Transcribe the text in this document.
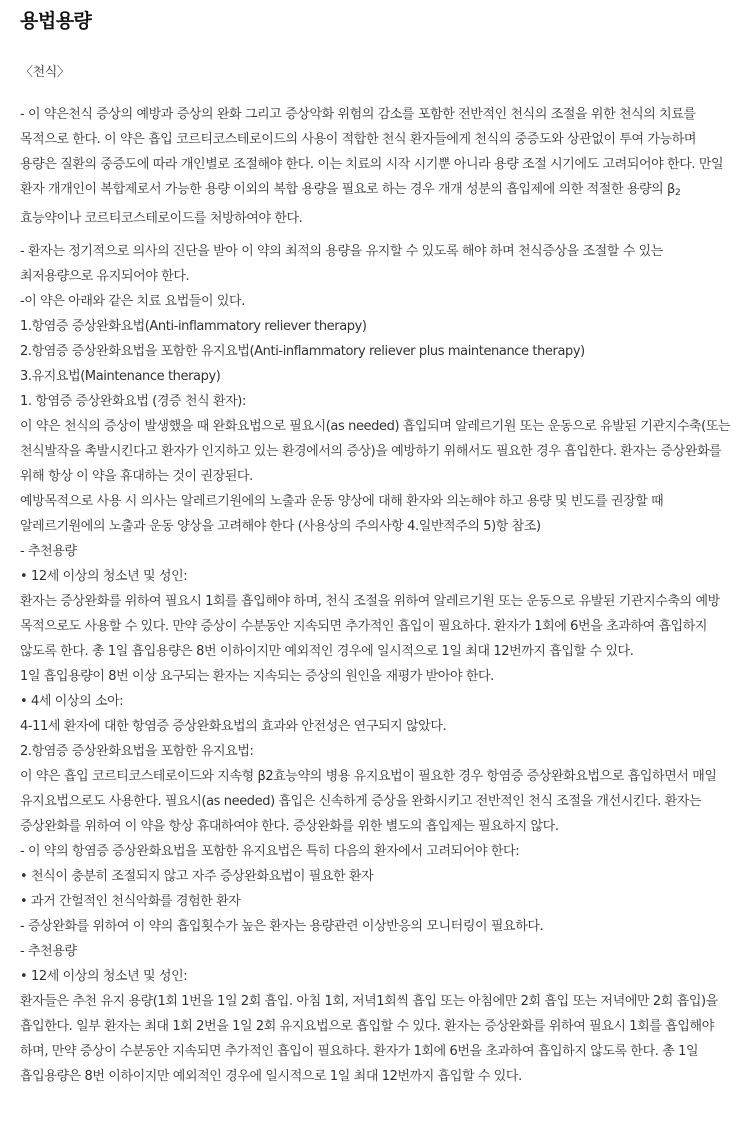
용법용량
〈천식〉

- 이 약은천식 증상의 예방과 증상의 완화 그리고 증상악화 위험의 감소를 포함한 전반적인 천식의 조절을 위한 천식의 치료를 목적으로 한다. 이 약은 흡입 코르티코스테로이드의 사용이 적합한 천식 환자들에게 천식의 중증도와 상관없이 투여 가능하며 용량은 질환의 중증도에 따라 개인별로 조절해야 한다. 이는 치료의 시작 시기뿐 아니라 용량 조절 시기에도 고려되어야 한다. 만일 환자 개개인이 복합제로서 가능한 용량 이외의 복합 용량을 필요로 하는 경우 개개 성분의 흡입제에 의한 적절한 용량의 $\beta_2$ 효능약이나 코르티코스테로이드를 처방하여야 한다.

- 환자는 정기적으로 의사의 진단을 받아 이 약의 최적의 용량을 유지할 수 있도록 해야 하며 천식증상을 조절할 수 있는 최저용량으로 유지되어야 한다.

-이 약은 아래와 같은 치료 요법들이 있다.

1.항염증 증상완화요법(Anti-inflammatory reliever therapy)

2.항염증 증상완화요법을 포함한 유지요법(Anti-inflammatory reliever plus maintenance therapy)

3.유지요법(Maintenance therapy)

1. 항염증 증상완화요법 (경증 천식 환자):

이 약은 천식의 증상이 발생했을 때 완화요법으로 필요시(as needed) 흡입되며 알레르기원 또는 운동으로 유발된 기관지수축(또는 천식발작을 촉발시킨다고 환자가 인지하고 있는 환경에서의 증상)을 예방하기 위해서도 필요한 경우 흡입한다. 환자는 증상완화를 위해 항상 이 약을 휴대하는 것이 권장된다.

예방목적으로 사용 시 의사는 알레르기원에의 노출과 운동 양상에 대해 환자와 의논해야 하고 용량 및 빈도를 권장할 때 알레르기원에의 노출과 운동 양상을 고려해야 한다 (사용상의 주의사항 4.일반적주의 5)항 참조)

- 추천용량

• 12세 이상의 청소년 및 성인:

환자는 증상완화를 위하여 필요시 1회를 흡입해야 하며, 천식 조절을 위하여 알레르기원 또는 운동으로 유발된 기관지수축의 예방 목적으로도 사용할 수 있다. 만약 증상이 수분동안 지속되면 추가적인 흡입이 필요하다. 환자가 1회에 6번을 초과하여 흡입하지 않도록 한다. 총 1일 흡입용량은 8번 이하이지만 예외적인 경우에 일시적으로 1일 최대 12번까지 흡입할 수 있다.

1일 흡입용량이 8번 이상 요구되는 환자는 지속되는 증상의 원인을 재평가 받아야 한다.

• 4세 이상의 소아:

4-11세 환자에 대한 항염증 증상완화요법의 효과와 안전성은 연구되지 않았다.

2.항염증 증상완화요법을 포함한 유지요법:

이 약은 흡입 코르티코스테로이드와 지속형 β2효능약의 병용 유지요법이 필요한 경우 항염증 증상완화요법으로 흡입하면서 매일 유지요법으로도 사용한다. 필요시(as needed) 흡입은 신속하게 증상을 완화시키고 전반적인 천식 조절을 개선시킨다. 환자는 증상완화를 위하여 이 약을 항상 휴대하여야 한다. 증상완화를 위한 별도의 흡입제는 필요하지 않다.

- 이 약의 항염증 증상완화요법을 포함한 유지요법은 특히 다음의 환자에서 고려되어야 한다:

• 천식이 충분히 조절되지 않고 자주 증상완화요법이 필요한 환자

• 과거 간헐적인 천식악화를 경험한 환자

- 증상완화를 위하여 이 약의 흡입횟수가 높은 환자는 용량관련 이상반응의 모니터링이 필요하다.

- 추천용량

• 12세 이상의 청소년 및 성인:

환자들은 추천 유지 용량(1회 1번을 1일 2회 흡입. 아침 1회, 저녁1회씩 흡입 또는 아침에만 2회 흡입 또는 저녁에만 2회 흡입)을 흡입한다. 일부 환자는 최대 1회 2번을 1일 2회 유지요법으로 흡입할 수 있다. 환자는 증상완화를 위하여 필요시 1회를 흡입해야 하며, 만약 증상이 수분동안 지속되면 추가적인 흡입이 필요하다. 환자가 1회에 6번을 초과하여 흡입하지 않도록 한다. 총 1일 흡입용량은 8번 이하이지만 예외적인 경우에 일시적으로 1일 최대 12번까지 흡입할 수 있다.
